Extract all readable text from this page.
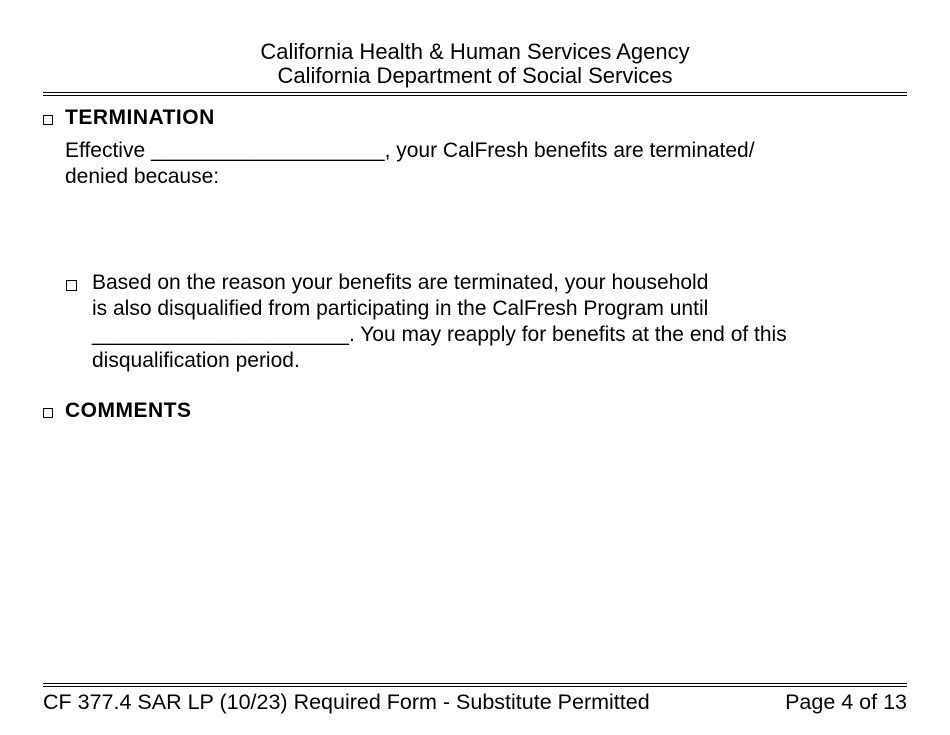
California Health & Human Services Agency
California Department of Social Services
TERMINATION
Effective ____________________, your CalFresh benefits are terminated/
denied because:
Based on the reason your benefits are terminated, your household
is also disqualified from participating in the CalFresh Program until
______________________. You may reapply for benefits at the end of this
disqualification period.
COMMENTS
CF 377.4 SAR LP (10/23) Required Form - Substitute Permitted	Page 4 of 13
